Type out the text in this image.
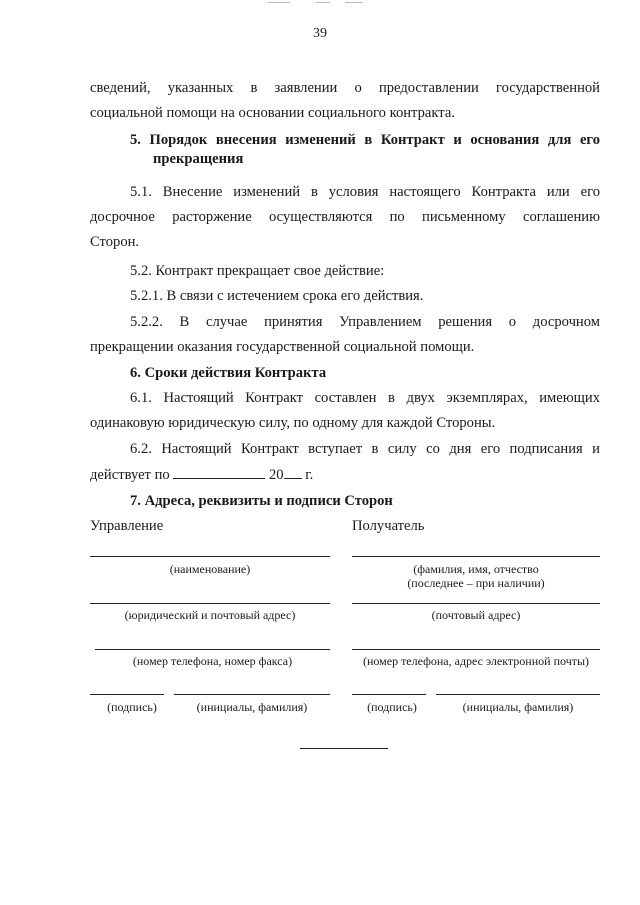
39
сведений, указанных в заявлении о предоставлении государственной
социальной помощи на основании социального контракта.
5. Порядок внесения изменений в Контракт и основания для его
прекращения
5.1. Внесение изменений в условия настоящего Контракта или его
досрочное расторжение осуществляются по письменному соглашению
Сторон.
5.2. Контракт прекращает свое действие:
5.2.1. В связи с истечением срока его действия.
5.2.2. В случае принятия Управлением решения о досрочном
прекращении оказания государственной социальной помощи.
6. Сроки действия Контракта
6.1. Настоящий Контракт составлен в двух экземплярах, имеющих
одинаковую юридическую силу, по одному для каждой Стороны.
6.2. Настоящий Контракт вступает в силу со дня его подписания и
действует по	20 г.
7. Адреса, реквизиты и подписи Сторон
Управление	Получатель
(наименование)	(фамилия, имя, отчество
(последнее – при наличии)
(юридический и почтовый адрес)	(почтовый адрес)
(номер телефона, номер факса)	(номер телефона, адрес электронной почты)
(подпись)	(инициалы, фамилия)	(подпись)	(инициалы, фамилия)
